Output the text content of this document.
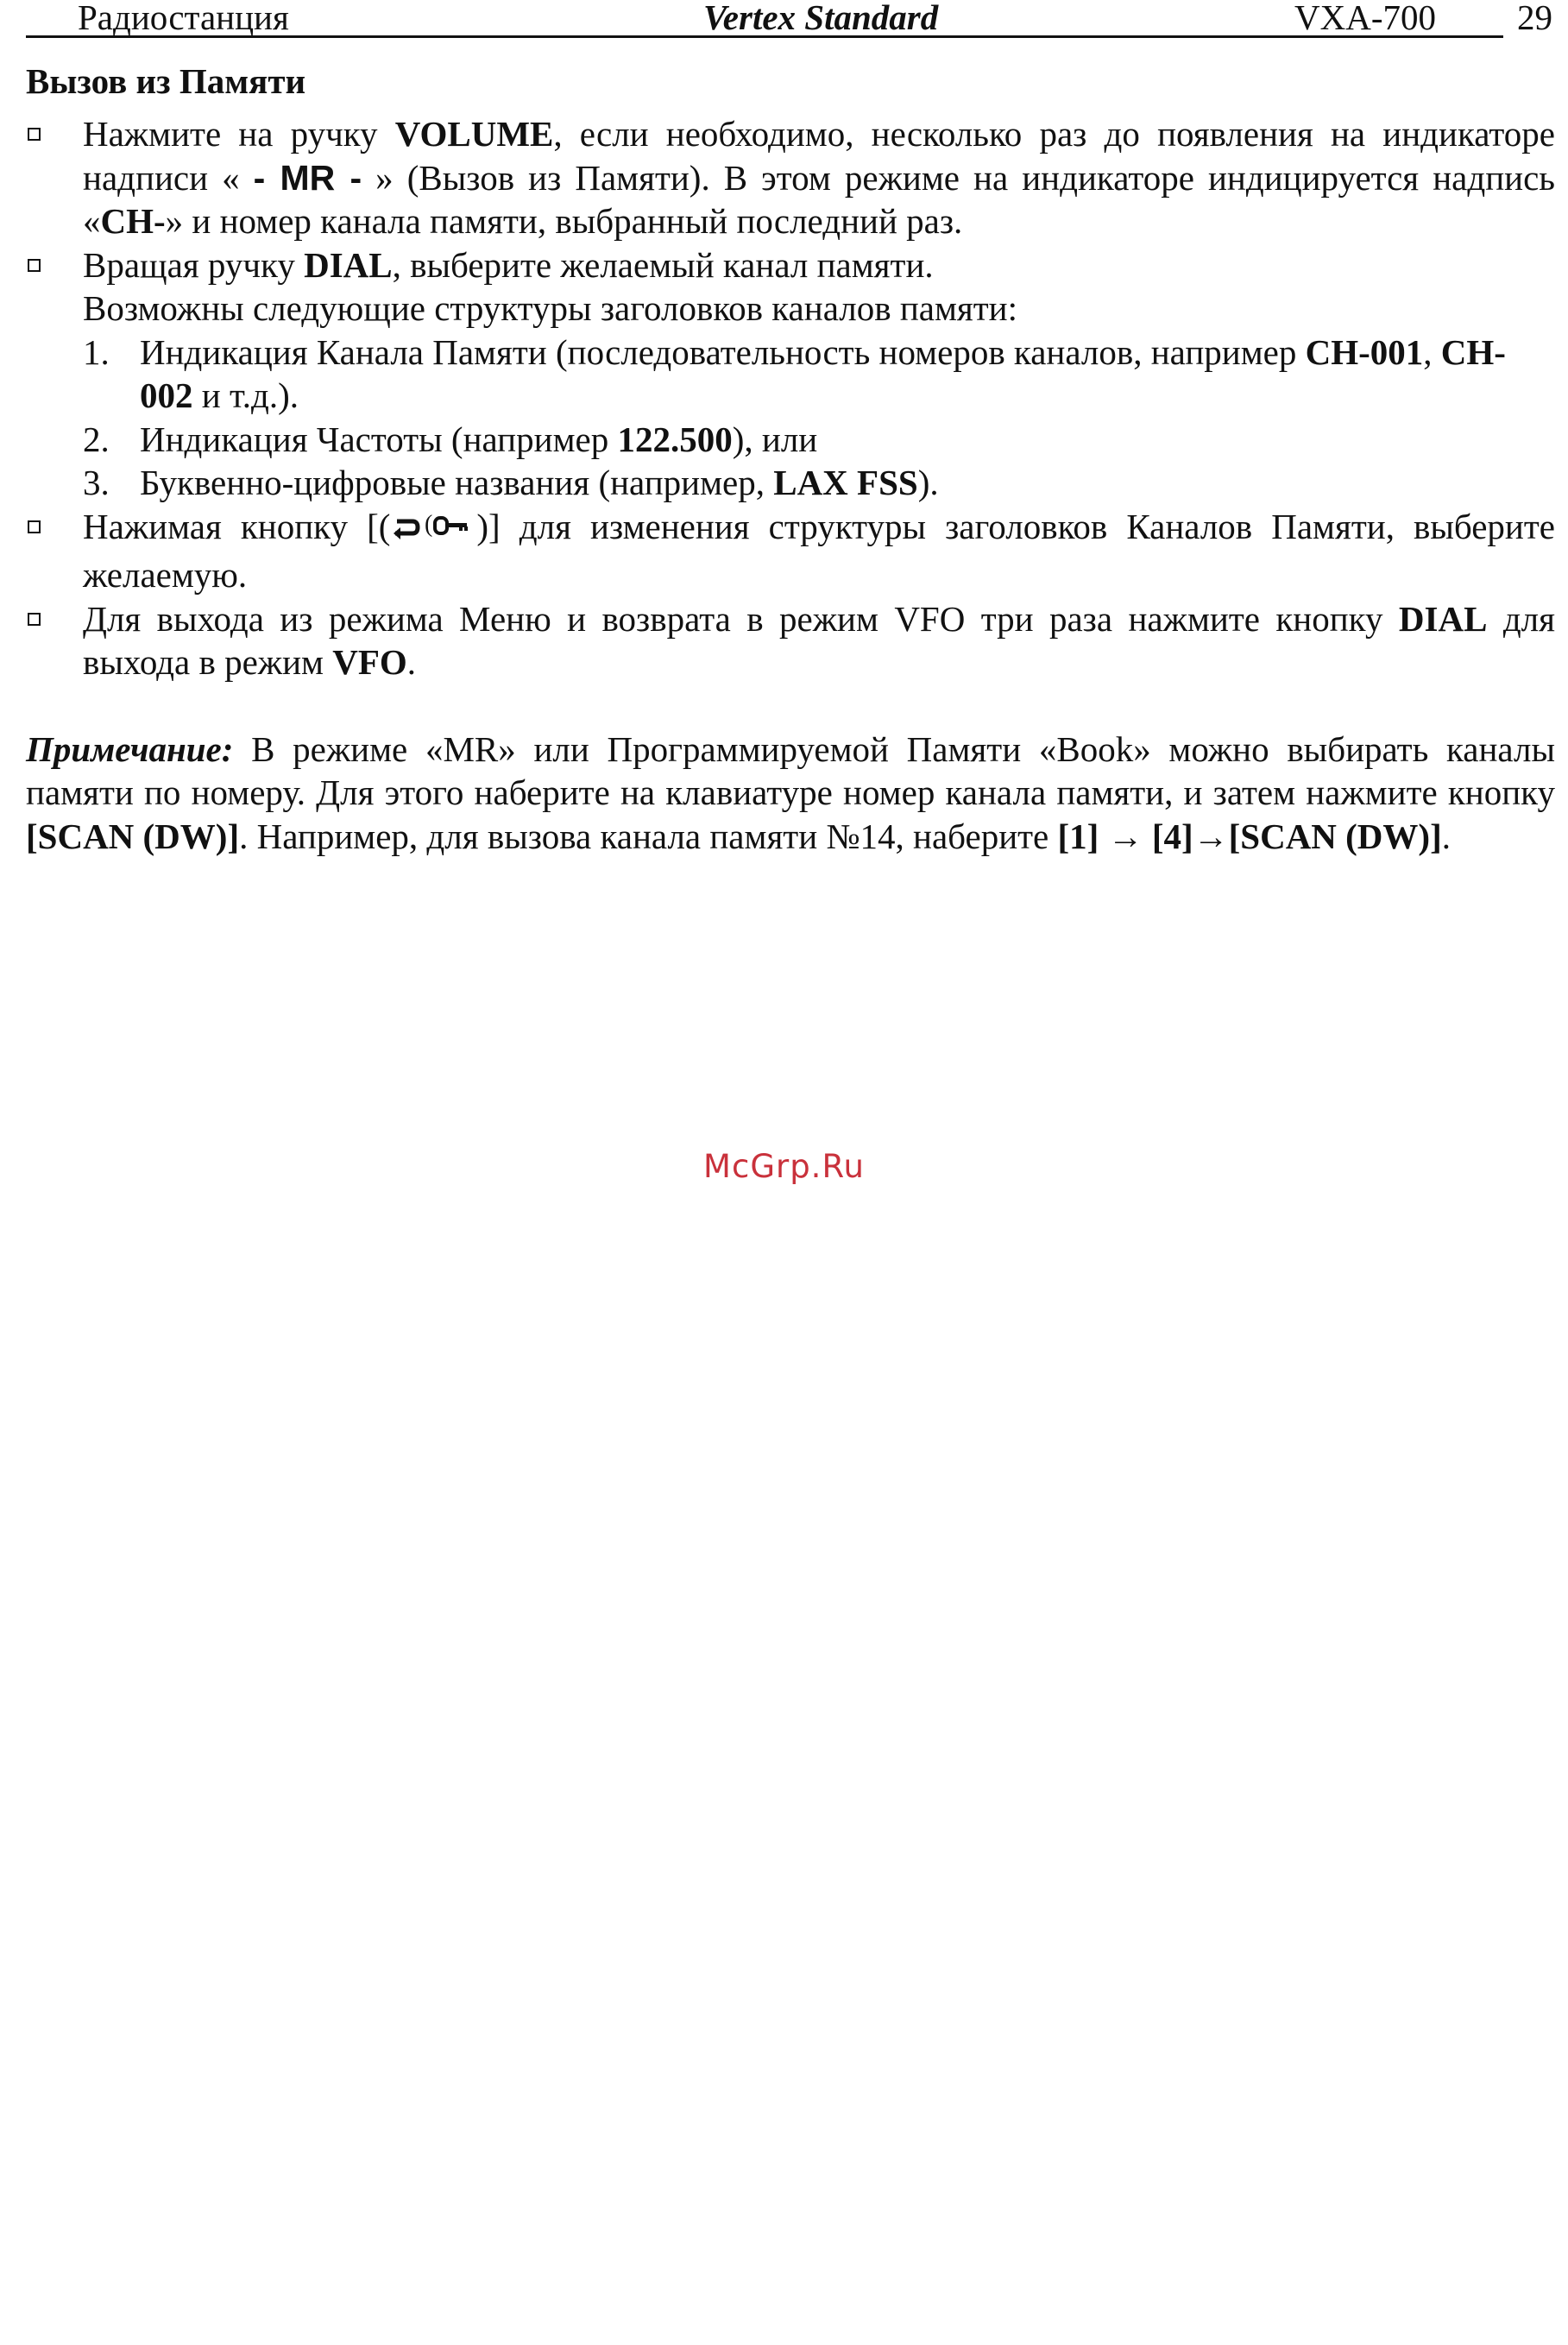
Радиостанция	Vertex Standard	VXA-700 29
Вызов из Памяти
Нажмите на ручку VOLUME, если необходимо, несколько раз до появления на индикаторе надписи « - MR - » (Вызов из Памяти). В этом режиме на индикаторе индицируется надпись «CH-» и номер канала памяти, выбранный последний раз.
Вращая ручку DIAL, выберите желаемый канал памяти.
Возможны следующие структуры заголовков каналов памяти:
1. Индикация Канала Памяти (последовательность номеров каналов, например CH-001, CH-002 и т.д.).
2. Индикация Частоты (например 122.500), или
3. Буквенно-цифровые названия (например, LAX FSS).
Нажимая кнопку [( ( )] для изменения структуры заголовков Каналов Памяти, выберите желаемую.
Для выхода из режима Меню и возврата в режим VFO три раза нажмите кнопку DIAL для выхода в режим VFO.
Примечание: В режиме «MR» или Программируемой Памяти «Book» можно выбирать каналы памяти по номеру. Для этого наберите на клавиатуре номер канала памяти, и затем нажмите кнопку [SCAN (DW)]. Например, для вызова канала памяти №14, наберите [1] → [4]→[SCAN (DW)].
McGrp.Ru
